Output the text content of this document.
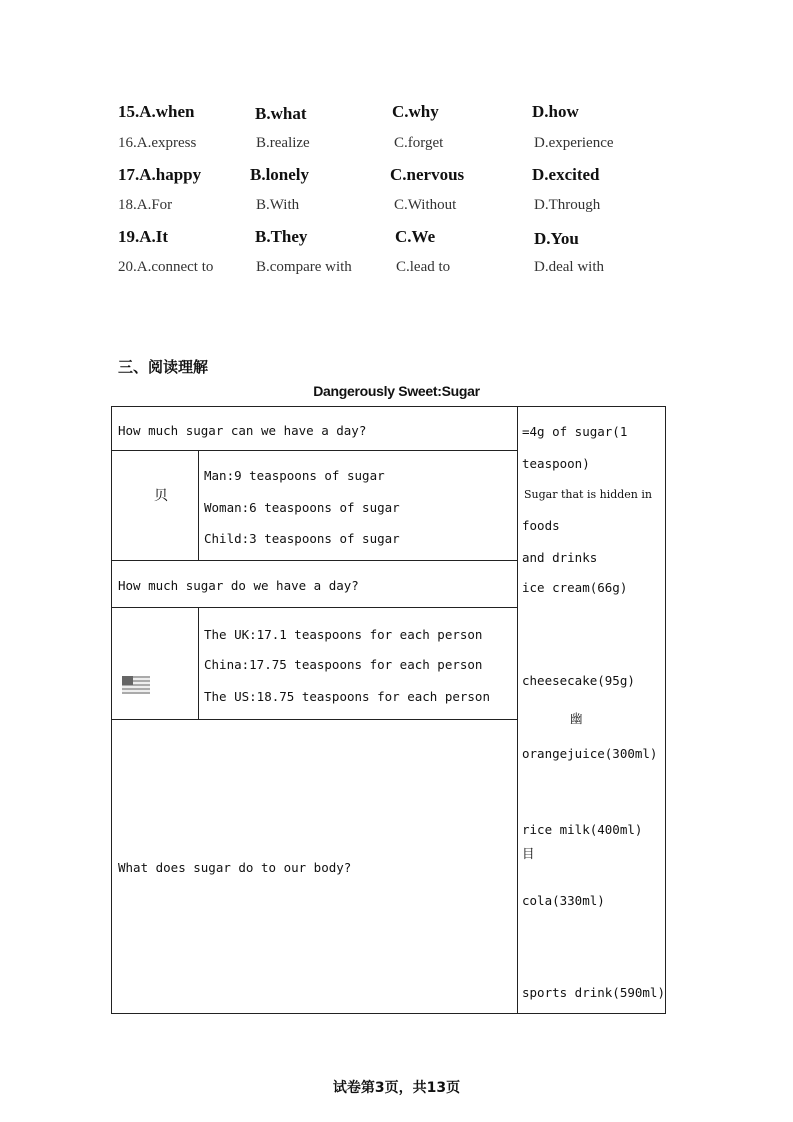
15.A.when	B.what	C.why	D.how
16.A.express	B.realize	C.forget	D.experience
17.A.happy	B.lonely	C.nervous	D.excited
18.A.For	B.With	C.Without	D.Through
19.A.It	B.They	C.We	D.You
20.A.connect to	B.compare with	C.lead to	D.deal with
三、阅读理解
Dangerously Sweet:Sugar
How much sugar can we have a day?
贝
Man:9 teaspoons of sugar
Woman:6 teaspoons of sugar
Child:3 teaspoons of sugar
How much sugar do we have a day?
The UK:17.1 teaspoons for each person
China:17.75 teaspoons for each person
The US:18.75 teaspoons for each person
What does sugar do to our body?
=4g of sugar(1
teaspoon)
Sugar that is hidden in
foods
and drinks
ice cream(66g)
cheesecake(95g)
幽
orangejuice(300ml)
rice milk(400ml)
目
cola(330ml)
sports drink(590ml)
试卷第3页，共13页
